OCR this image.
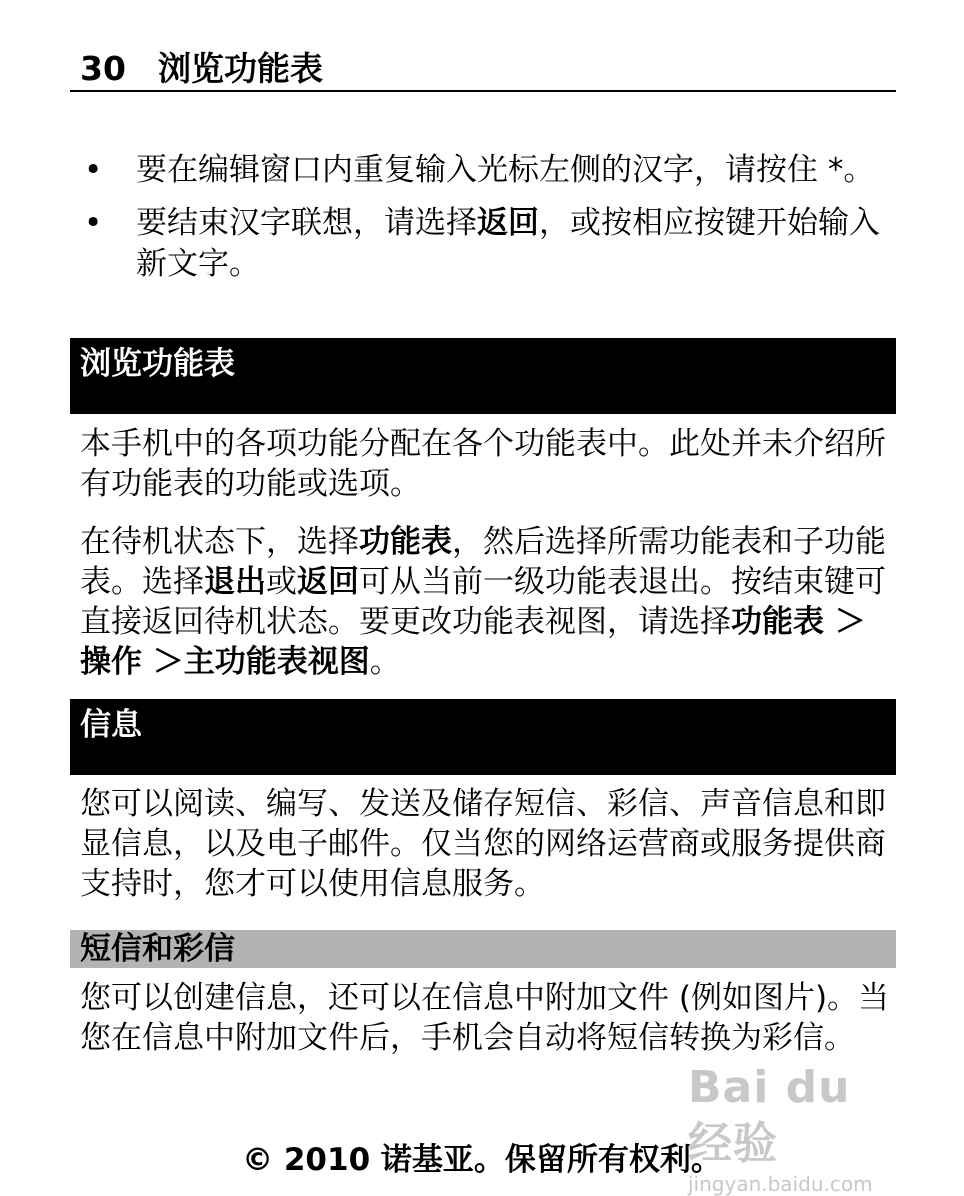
30 浏览功能表
• 要在编辑窗口内重复输入光标左侧的汉字，请按住 *。
• 要结束汉字联想，请选择返回，或按相应按键开始输入新文字。
浏览功能表
本手机中的各项功能分配在各个功能表中。此处并未介绍所有功能表的功能或选项。
在待机状态下，选择功能表，然后选择所需功能表和子功能表。选择退出或返回可从当前一级功能表退出。按结束键可直接返回待机状态。要更改功能表视图，请选择功能表 ＞操作 ＞主功能表视图。
信息
您可以阅读、编写、发送及储存短信、彩信、声音信息和即显信息，以及电子邮件。仅当您的网络运营商或服务提供商支持时，您才可以使用信息服务。
短信和彩信
您可以创建信息，还可以在信息中附加文件 (例如图片)。当您在信息中附加文件后，手机会自动将短信转换为彩信。
Bai du 经验
jingyan.baidu.com
© 2010 诺基亚。保留所有权利。
